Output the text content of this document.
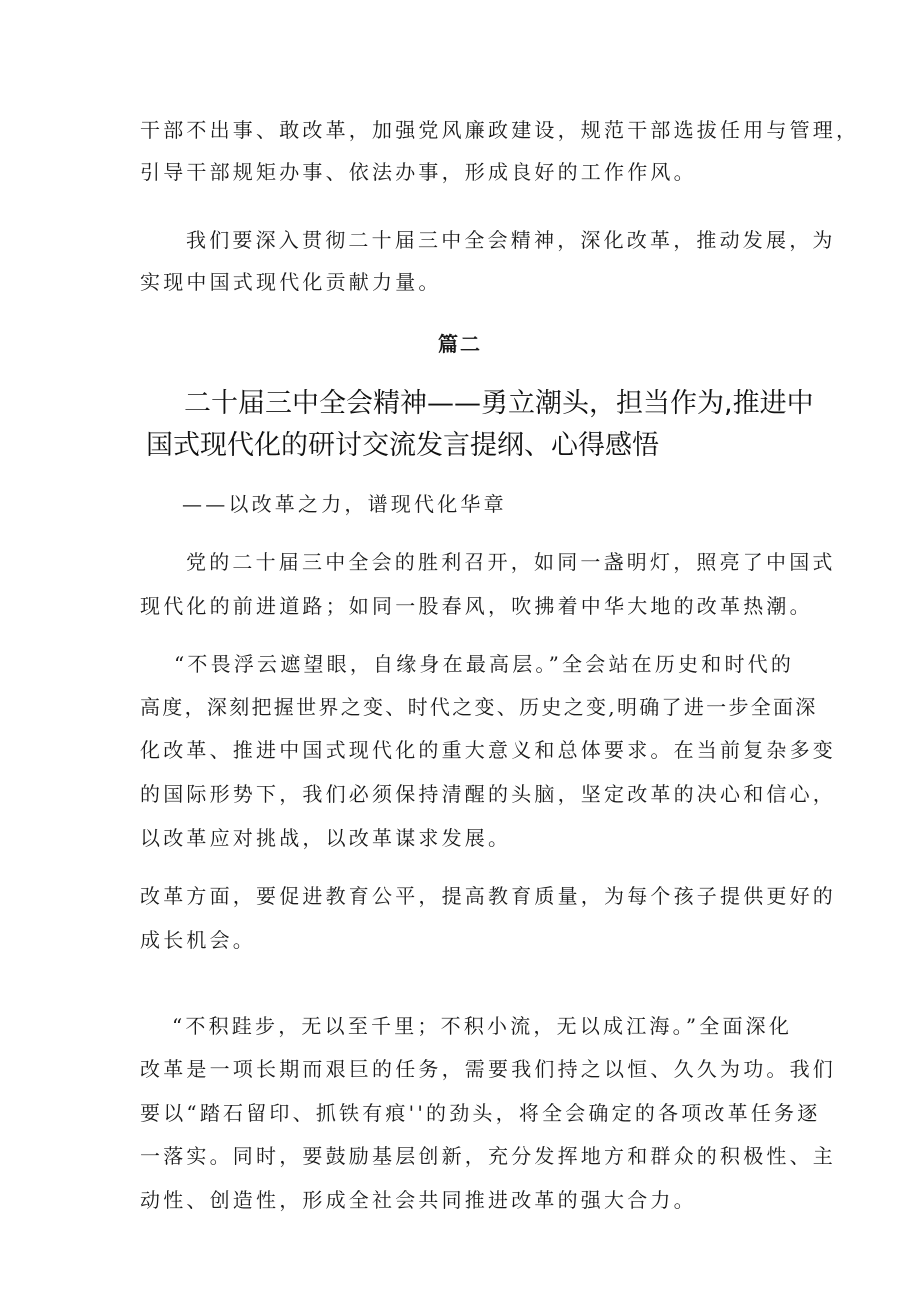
干部不出事、敢改革，加强党风廉政建设，规范干部选拔任用与管理，
引导干部规矩办事、依法办事，形成良好的工作作风。
我们要深入贯彻二十届三中全会精神，深化改革，推动发展，为
实现中国式现代化贡献力量。
篇二
二十届三中全会精神——勇立潮头，担当作为,推进中
国式现代化的研讨交流发言提纲、心得感悟
——以改革之力，谱现代化华章
党的二十届三中全会的胜利召开，如同一盏明灯，照亮了中国式
现代化的前进道路；如同一股春风，吹拂着中华大地的改革热潮。
“不畏浮云遮望眼，自缘身在最高层。”全会站在历史和时代的
高度，深刻把握世界之变、时代之变、历史之变,明确了进一步全面深
化改革、推进中国式现代化的重大意义和总体要求。在当前复杂多变
的国际形势下，我们必须保持清醒的头脑，坚定改革的决心和信心，
以改革应对挑战，以改革谋求发展。
改革方面，要促进教育公平，提高教育质量，为每个孩子提供更好的
成长机会。
“不积跬步，无以至千里；不积小流，无以成江海。”全面深化
改革是一项长期而艰巨的任务，需要我们持之以恒、久久为功。我们
要以“踏石留印、抓铁有痕''的劲头，将全会确定的各项改革任务逐
一落实。同时，要鼓励基层创新，充分发挥地方和群众的积极性、主
动性、创造性，形成全社会共同推进改革的强大合力。
